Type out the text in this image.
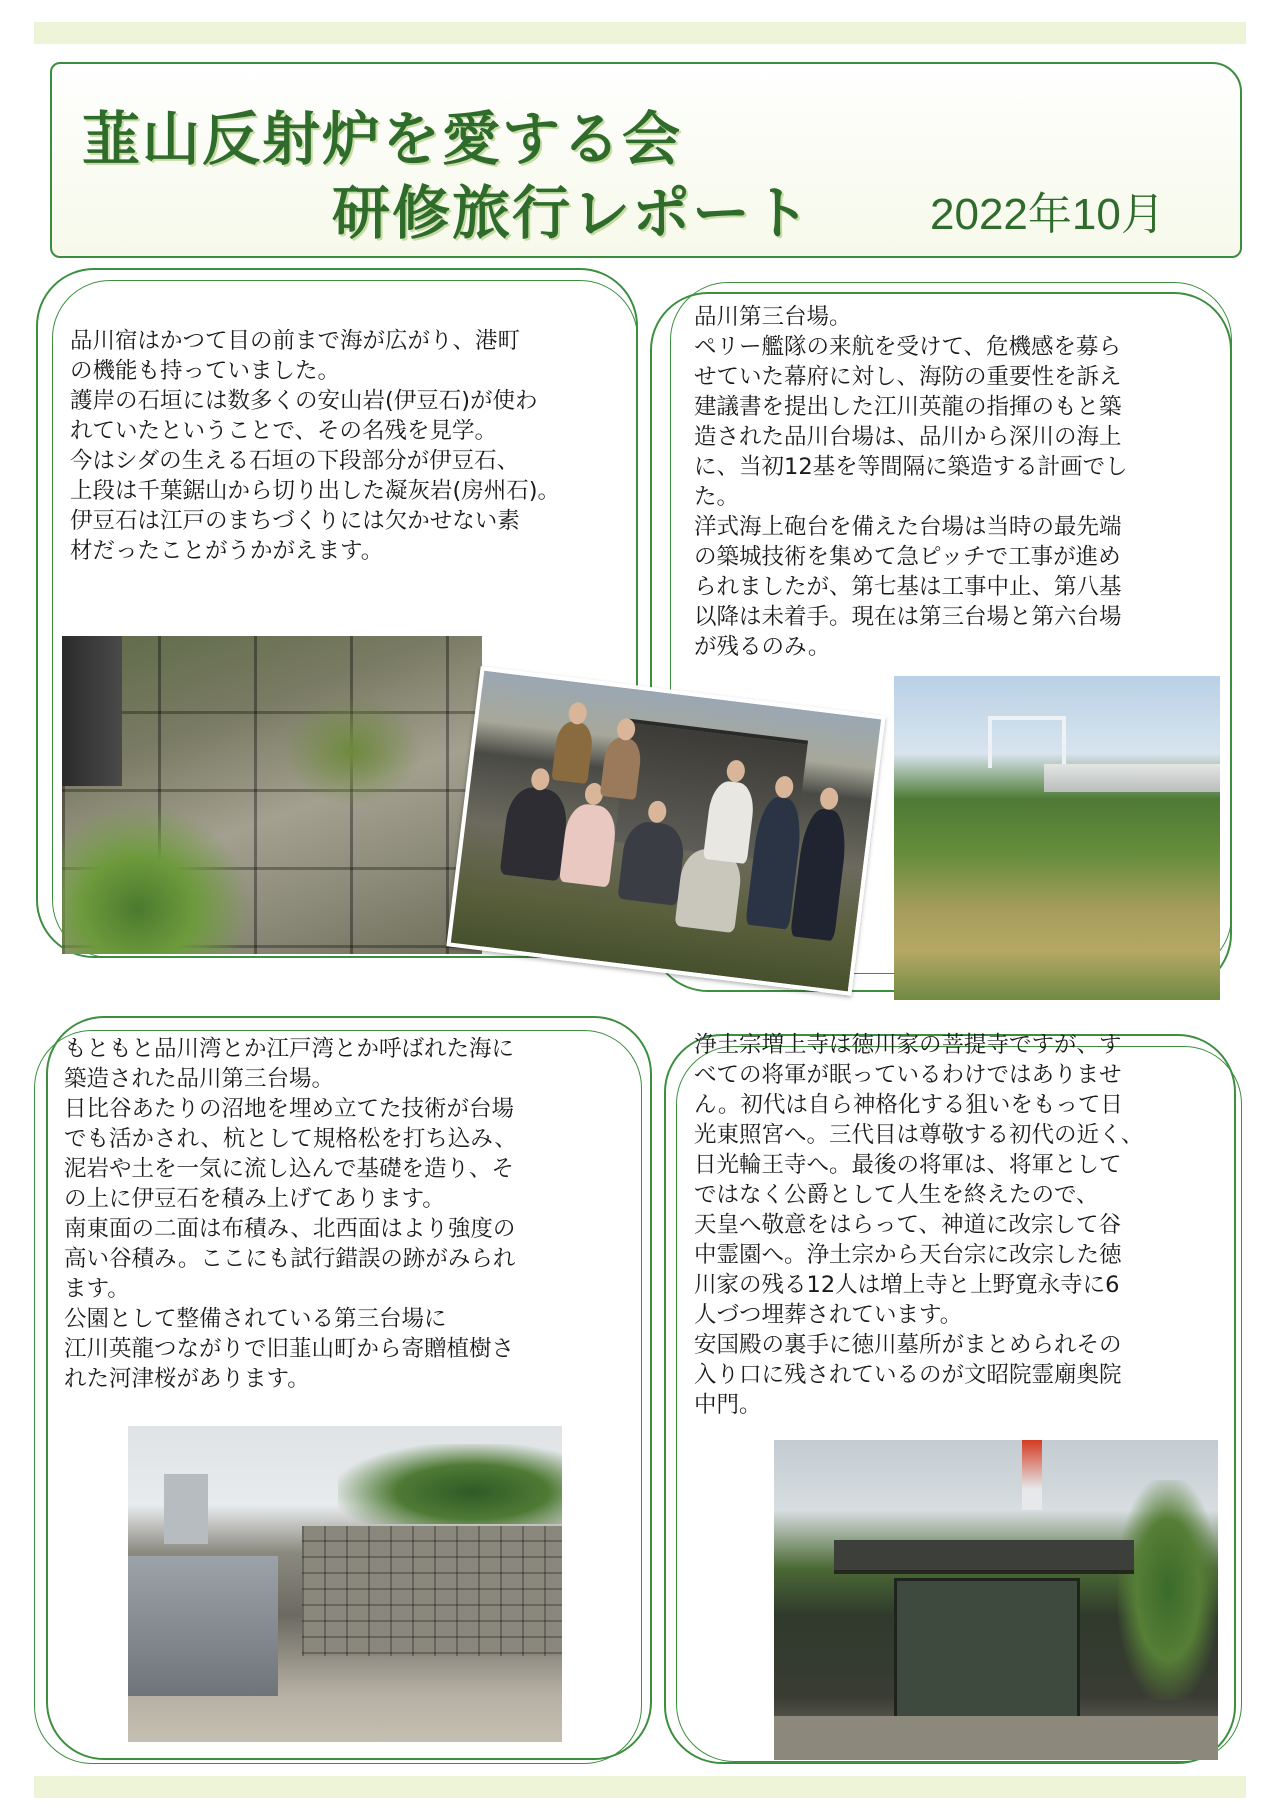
韮山反射炉を愛する会
研修旅行レポート	2022年10月
品川宿はかつて目の前まで海が広がり、港町
の機能も持っていました。
護岸の石垣には数多くの安山岩(伊豆石)が使わ
れていたということで、その名残を見学。
今はシダの生える石垣の下段部分が伊豆石、
上段は千葉鋸山から切り出した凝灰岩(房州石)。
伊豆石は江戸のまちづくりには欠かせない素
材だったことがうかがえます。
品川第三台場。
ペリー艦隊の来航を受けて、危機感を募ら
せていた幕府に対し、海防の重要性を訴え
建議書を提出した江川英龍の指揮のもと築
造された品川台場は、品川から深川の海上
に、当初12基を等間隔に築造する計画でし
た。
洋式海上砲台を備えた台場は当時の最先端
の築城技術を集めて急ピッチで工事が進め
られましたが、第七基は工事中止、第八基
以降は未着手。現在は第三台場と第六台場
が残るのみ。
もともと品川湾とか江戸湾とか呼ばれた海に
築造された品川第三台場。
日比谷あたりの沼地を埋め立てた技術が台場
でも活かされ、杭として規格松を打ち込み、
泥岩や土を一気に流し込んで基礎を造り、そ
の上に伊豆石を積み上げてあります。
南東面の二面は布積み、北西面はより強度の
高い谷積み。ここにも試行錯誤の跡がみられ
ます。
公園として整備されている第三台場に
江川英龍つながりで旧韮山町から寄贈植樹さ
れた河津桜があります。
浄土宗増上寺は徳川家の菩提寺ですが、す
べての将軍が眠っているわけではありませ
ん。初代は自ら神格化する狙いをもって日
光東照宮へ。三代目は尊敬する初代の近く、
日光輪王寺へ。最後の将軍は、将軍として
ではなく公爵として人生を終えたので、
天皇へ敬意をはらって、神道に改宗して谷
中霊園へ。浄土宗から天台宗に改宗した徳
川家の残る12人は増上寺と上野寛永寺に6
人づつ埋葬されています。
安国殿の裏手に徳川墓所がまとめられその
入り口に残されているのが文昭院霊廟奥院
中門。
